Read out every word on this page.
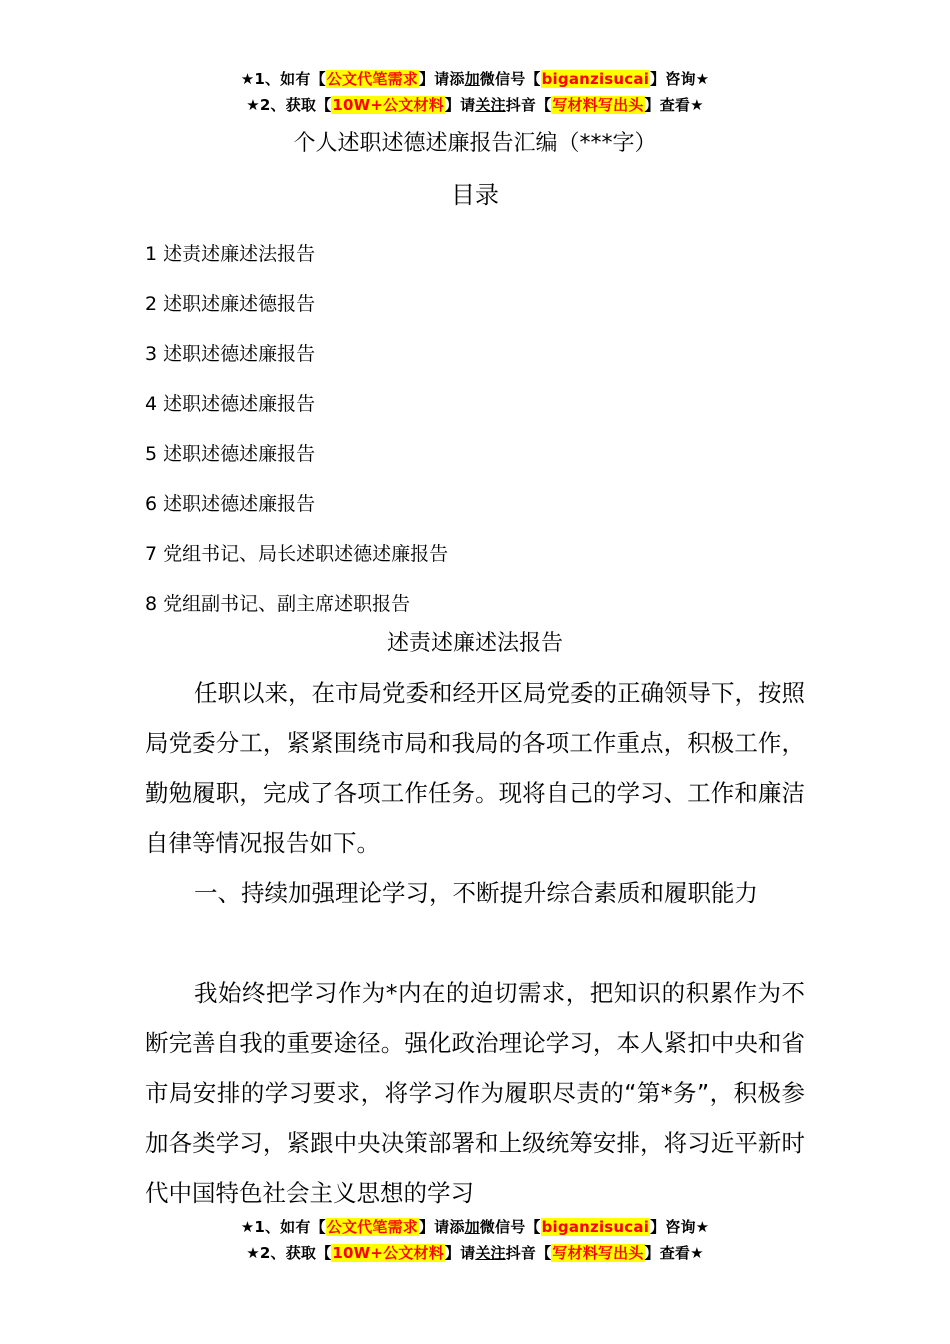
★1、如有【公文代笔需求】请添加微信号【biganzisucai】咨询★
★2、获取【10W+公文材料】请关注抖音【写材料写出头】查看★
个人述职述德述廉报告汇编（***字）
目录
1 述责述廉述法报告
2 述职述廉述德报告
3 述职述德述廉报告
4 述职述德述廉报告
5 述职述德述廉报告
6 述职述德述廉报告
7 党组书记、局长述职述德述廉报告
8 党组副书记、副主席述职报告
述责述廉述法报告

任职以来，在市局党委和经开区局党委的正确领导下，按照局党委分工，紧紧围绕市局和我局的各项工作重点，积极工作，勤勉履职，完成了各项工作任务。现将自己的学习、工作和廉洁自律等情况报告如下。

一、持续加强理论学习，不断提升综合素质和履职能力

我始终把学习作为*内在的迫切需求，把知识的积累作为不断完善自我的重要途径。强化政治理论学习，本人紧扣中央和省市局安排的学习要求，将学习作为履职尽责的“第*务”，积极参加各类学习，紧跟中央决策部署和上级统筹安排，将习近平新时代中国特色社会主义思想的学习

★1、如有【公文代笔需求】请添加微信号【biganzisucai】咨询★
★2、获取【10W+公文材料】请关注抖音【写材料写出头】查看★
